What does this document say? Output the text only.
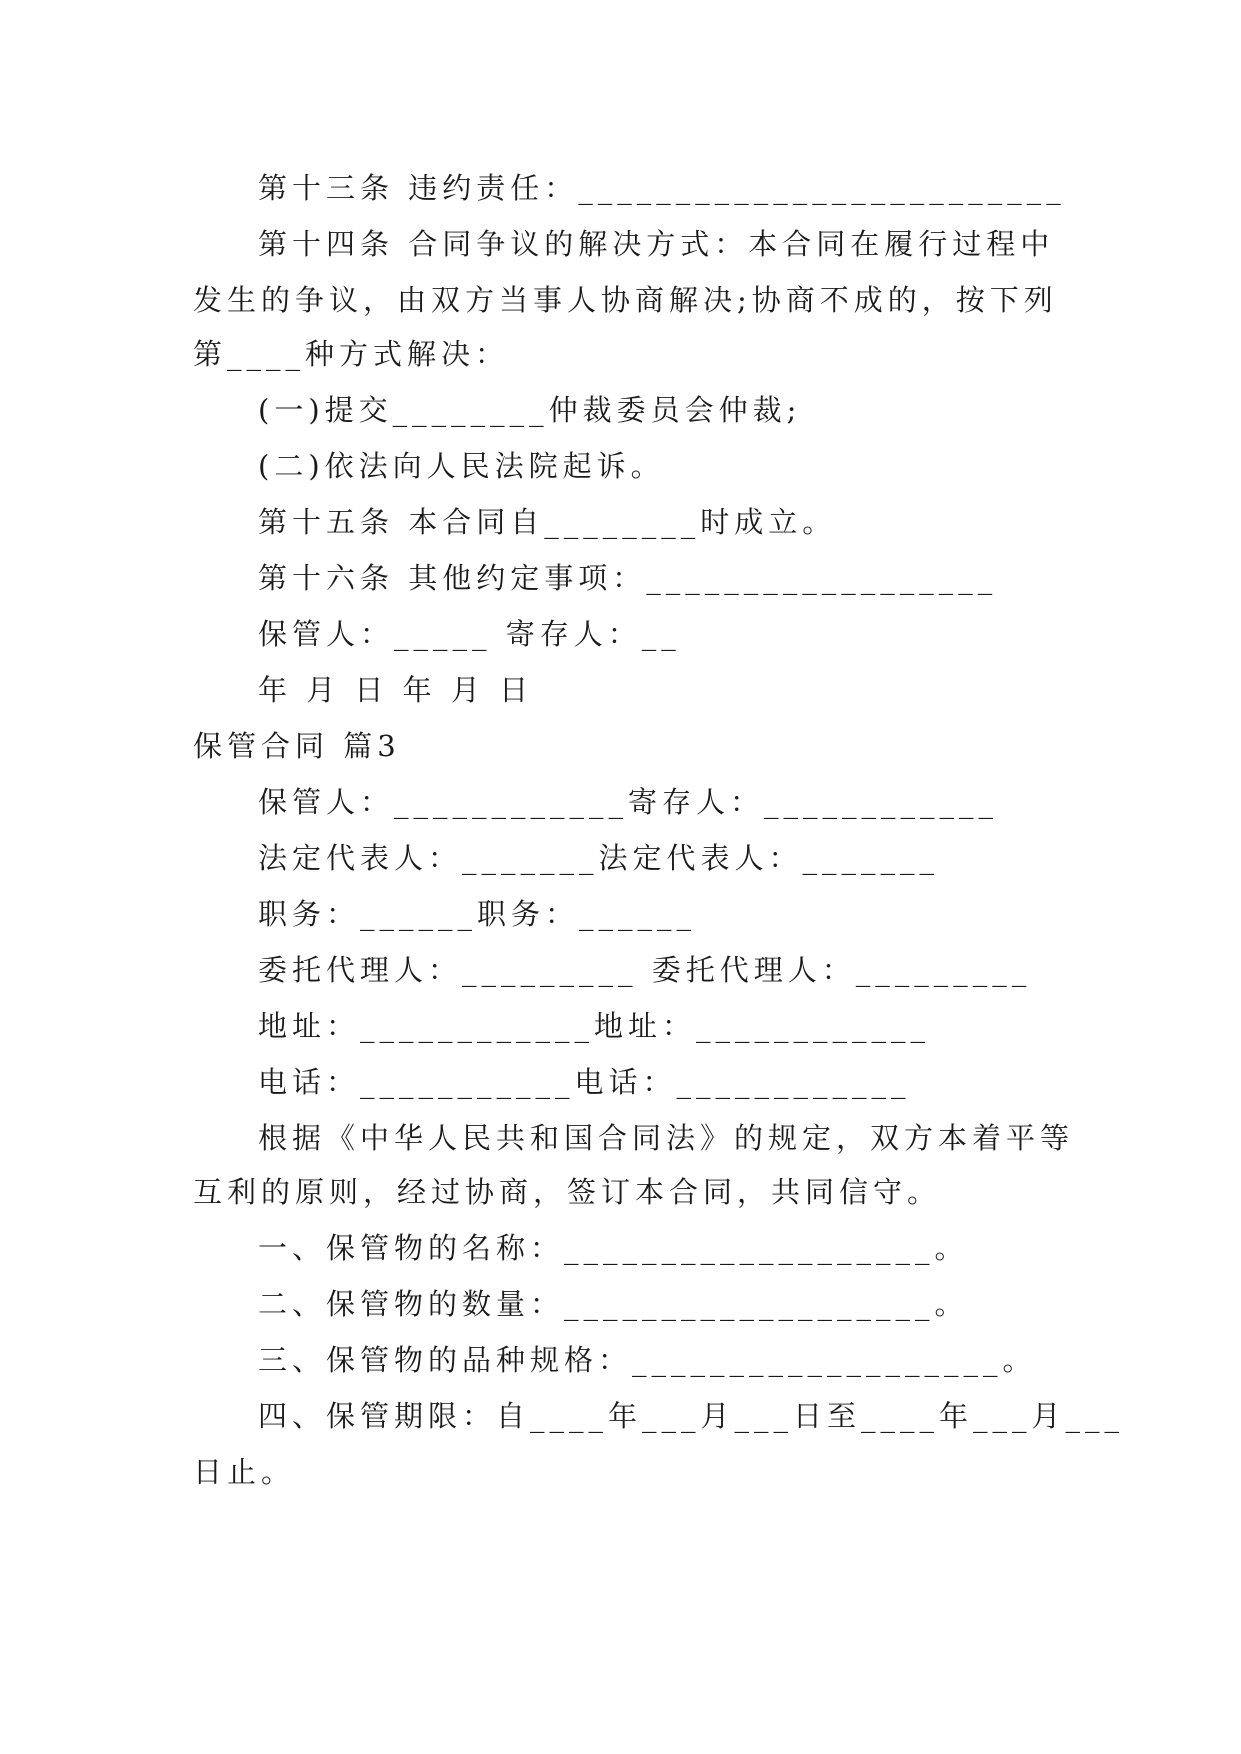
第十三条 违约责任：_________________________
第十四条 合同争议的解决方式：本合同在履行过程中
发生的争议，由双方当事人协商解决;协商不成的，按下列
第____种方式解决：
(一)提交________仲裁委员会仲裁;
(二)依法向人民法院起诉。
第十五条 本合同自________时成立。
第十六条 其他约定事项：__________________
保管人：_____ 寄存人：__
年 月 日 年 月 日
保管合同 篇3
保管人：____________寄存人：____________
法定代表人：_______法定代表人：_______
职务：______职务：______
委托代理人：_________ 委托代理人：_________
地址：____________地址：____________
电话：___________电话：____________
根据《中华人民共和国合同法》的规定，双方本着平等
互利的原则，经过协商，签订本合同，共同信守。
一、保管物的名称：___________________。
二、保管物的数量：___________________。
三、保管物的品种规格：___________________。
四、保管期限：自____年___月___日至____年___月___
日止。
